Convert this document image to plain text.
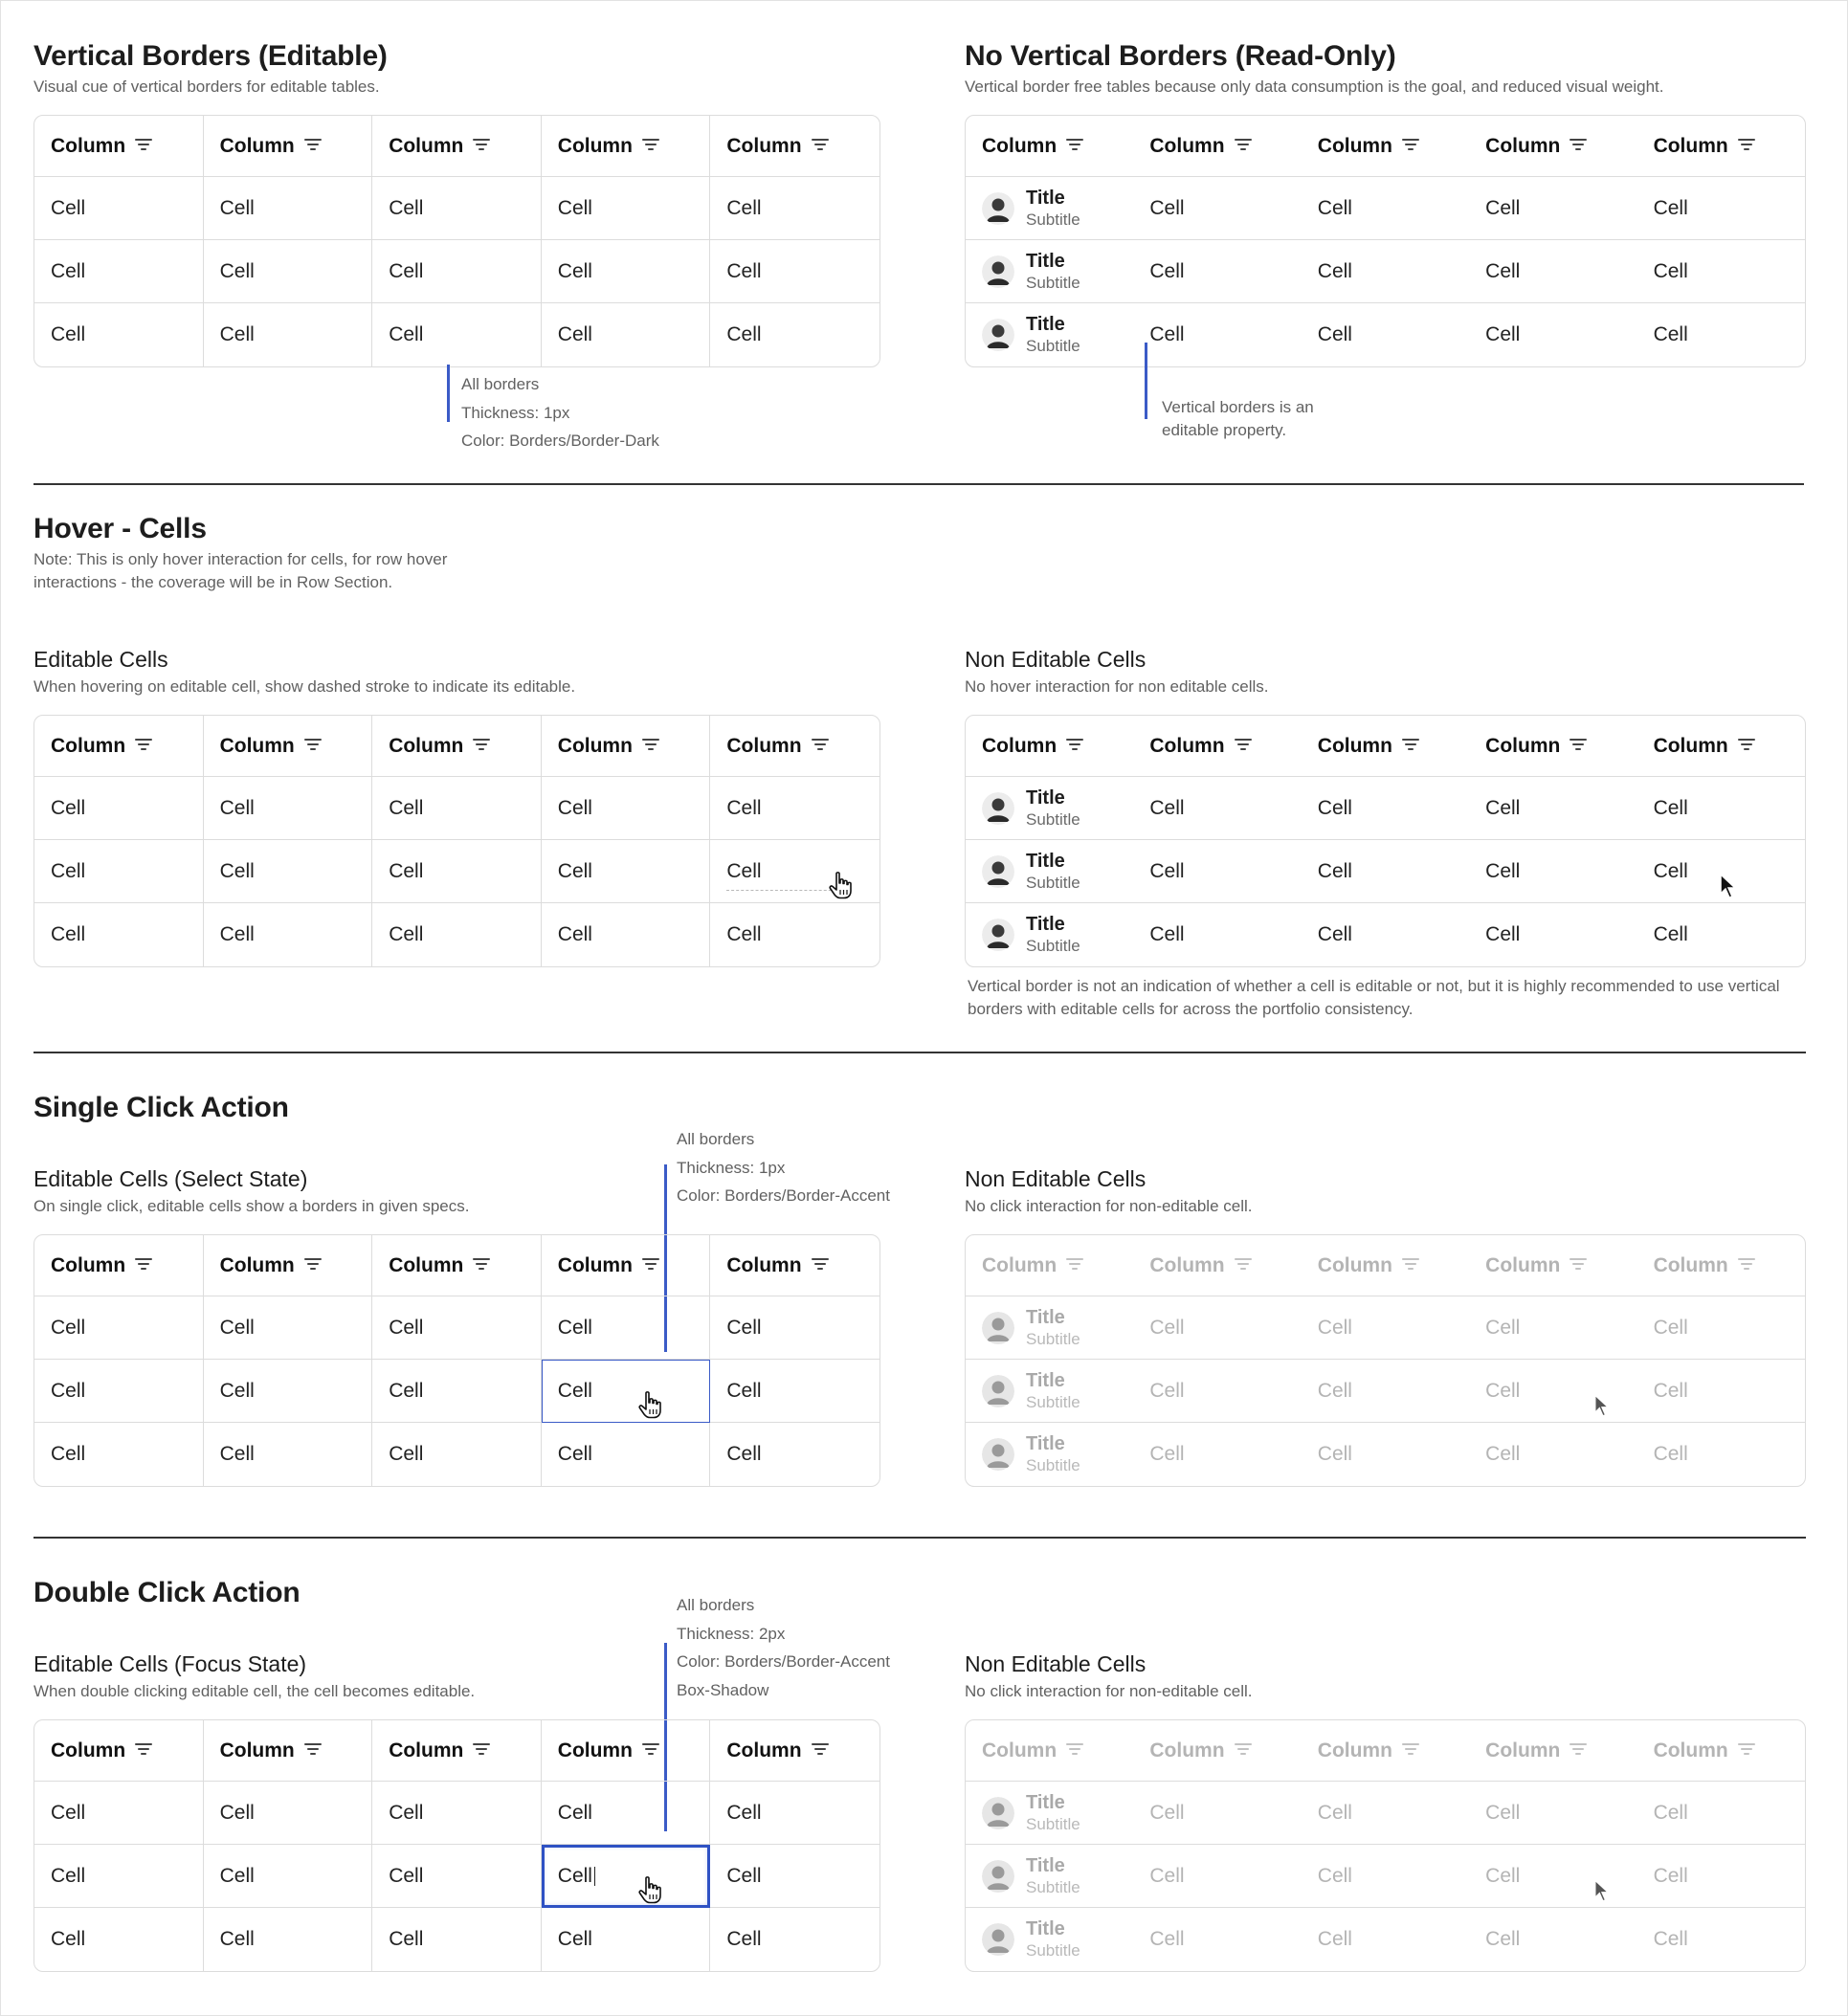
Vertical Borders (Editable)
Visual cue of vertical borders for editable tables.
Column	Column	Column	Column	Column
Cell	Cell	Cell	Cell	Cell
Cell	Cell	Cell	Cell	Cell
Cell	Cell	Cell	Cell	Cell
All borders
Thickness: 1px
Color: Borders/Border-Dark
No Vertical Borders (Read-Only)
Vertical border free tables because only data consumption is the goal, and reduced visual weight.
Column	Column	Column	Column	Column

Title
Subtitle	Cell	Cell	Cell	Cell

Title
Subtitle	Cell	Cell	Cell	Cell

Title
Subtitle	Cell	Cell	Cell	Cell
Vertical borders is an
editable property.
Hover - Cells
Note: This is only hover interaction for cells, for row hover
interactions - the coverage will be in Row Section.
Editable Cells
When hovering on editable cell, show dashed stroke to indicate its editable.
Column	Column	Column	Column	Column
Cell	Cell	Cell	Cell	Cell
Cell	Cell	Cell	Cell	Cell

Cell	Cell	Cell	Cell	Cell
Non Editable Cells
No hover interaction for non editable cells.
Column	Column	Column	Column	Column

Title
Subtitle	Cell	Cell	Cell	Cell

Title
Subtitle	Cell	Cell	Cell	Cell

Title
Subtitle	Cell	Cell	Cell	Cell
Vertical border is not an indication of whether a cell is editable or not, but it is highly recommended to use vertical
borders with editable cells for across the portfolio consistency.
Single Click Action
All borders
Thickness: 1px
Color: Borders/Border-Accent
Editable Cells (Select State)
On single click, editable cells show a borders in given specs.
Column	Column	Column	Column	Column
Cell	Cell	Cell	Cell	Cell
Cell	Cell	Cell	Cell	Cell
Cell	Cell	Cell	Cell	Cell
Non Editable Cells
No click interaction for non-editable cell.
Column	Column	Column	Column	Column

Title
Subtitle	Cell	Cell	Cell	Cell

Title
Subtitle	Cell	Cell	Cell	Cell

Title
Subtitle	Cell	Cell	Cell	Cell
Double Click Action	All borders
Thickness: 2px
Color: Borders/Border-Accent
Box-Shadow
Editable Cells (Focus State)
When double clicking editable cell, the cell becomes editable.
Column	Column	Column	Column	Column
Cell	Cell	Cell	Cell	Cell
Cell	Cell	Cell	Cell	Cell
Cell	Cell	Cell	Cell	Cell
Non Editable Cells
No click interaction for non-editable cell.
Column	Column	Column	Column	Column

Title
Subtitle	Cell	Cell	Cell	Cell

Title
Subtitle	Cell	Cell	Cell	Cell

Title
Subtitle	Cell	Cell	Cell	Cell
